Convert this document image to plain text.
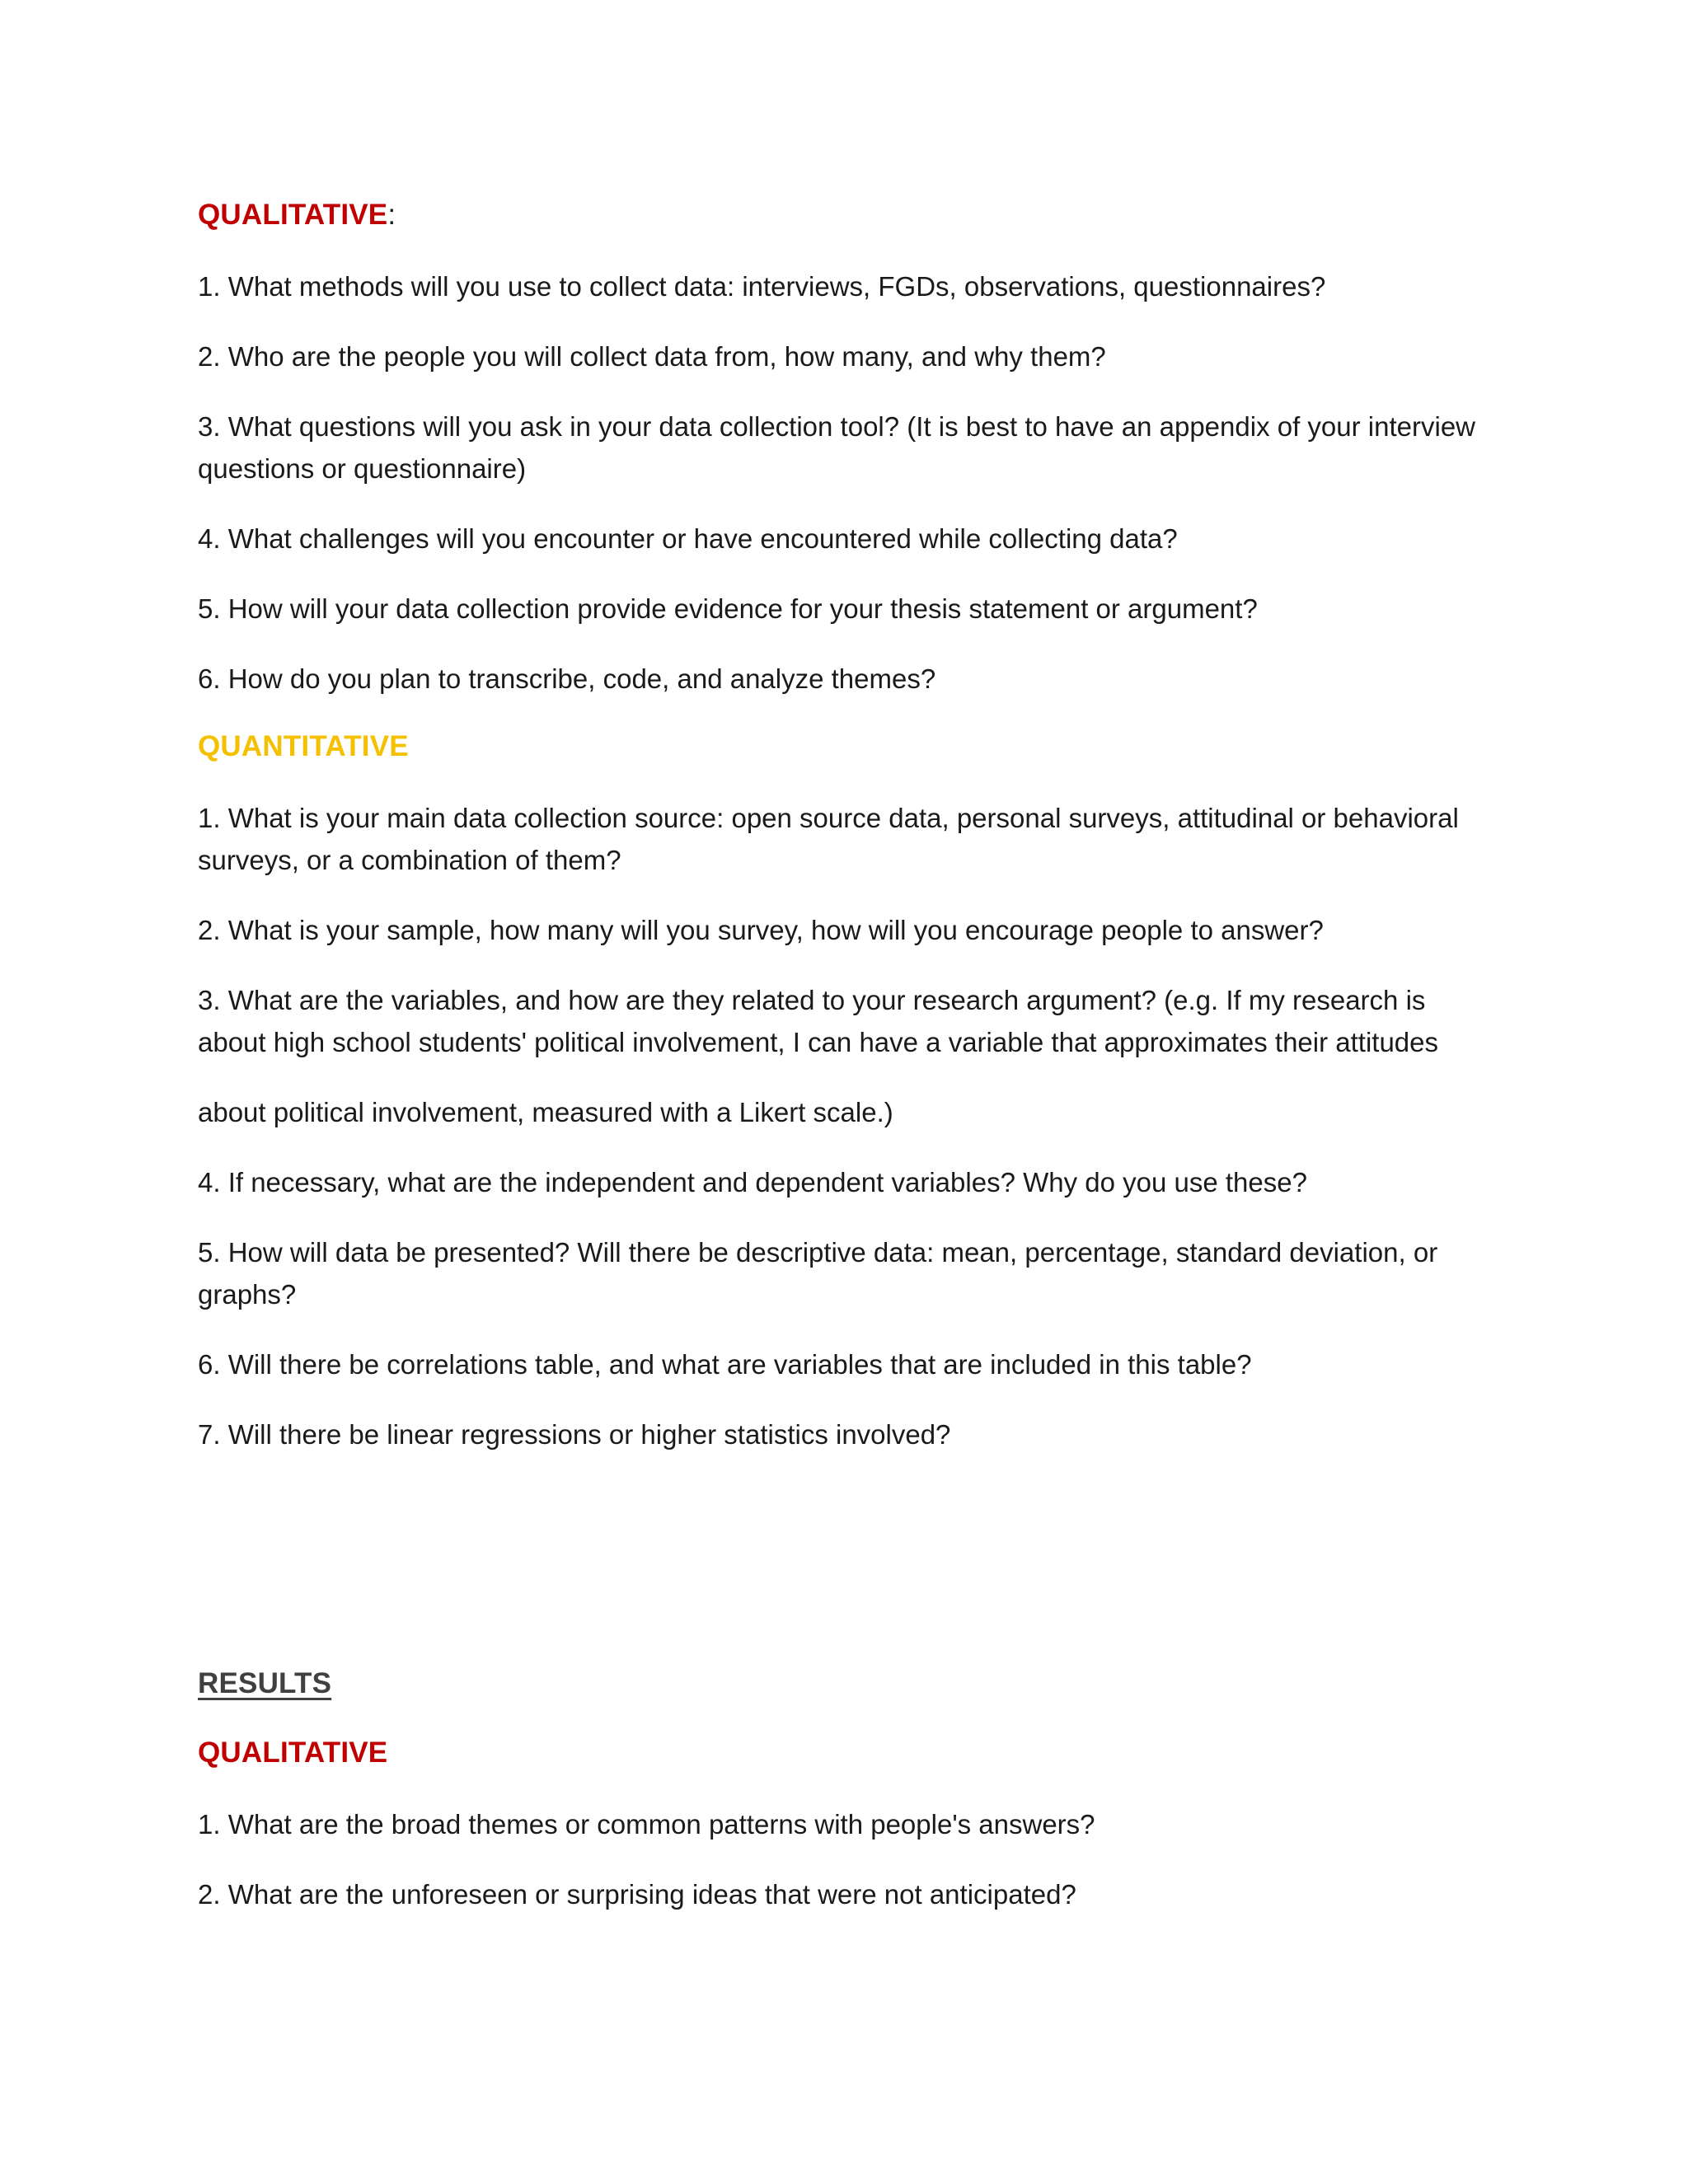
QUALITATIVE:

1. What methods will you use to collect data: interviews, FGDs, observations, questionnaires?

2. Who are the people you will collect data from, how many, and why them?

3. What questions will you ask in your data collection tool? (It is best to have an appendix of your interview questions or questionnaire)

4. What challenges will you encounter or have encountered while collecting data?

5. How will your data collection provide evidence for your thesis statement or argument?

6. How do you plan to transcribe, code, and analyze themes?

QUANTITATIVE

1. What is your main data collection source: open source data, personal surveys, attitudinal or behavioral surveys, or a combination of them?

2. What is your sample, how many will you survey, how will you encourage people to answer?

3. What are the variables, and how are they related to your research argument? (e.g. If my research is about high school students' political involvement, I can have a variable that approximates their attitudes

about political involvement, measured with a Likert scale.)

4. If necessary, what are the independent and dependent variables? Why do you use these?

5. How will data be presented? Will there be descriptive data: mean, percentage, standard deviation, or graphs?

6. Will there be correlations table, and what are variables that are included in this table?

7. Will there be linear regressions or higher statistics involved?

RESULTS

QUALITATIVE

1. What are the broad themes or common patterns with people's answers?

2. What are the unforeseen or surprising ideas that were not anticipated?
